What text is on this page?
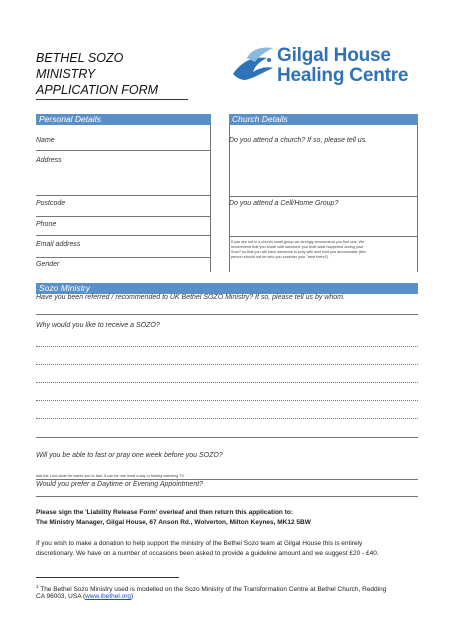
BETHEL SOZO
MINISTRY
APPLICATION FORM
Gilgal House
Healing Centre
Personal Details
Name
Address
Postcode
Phone
Email address
Gender
Church Details
Do you attend a church? If so, please tell us.
Do you attend a Cell/Home Group?
If you are not in a church small group we strongly recommend you find one. We
recommend that you share with someone you trust what happened during your
Sozo¹ so that you will have someone to pray with and hold you accountable (this
person should not be who you consider your "best friend").
Sozo Ministry
Have you been referred / recommended to UK Bethel SOZO Ministry? If so, please tell us by whom.
Why would you like to receive a SOZO?
Will you be able to fast or pray one week before you SOZO?
Ask the Lord what He wants you to fast. It can be one meal a day or fasting watching TV.
Would you prefer a Daytime or Evening Appointment?
Please sign the 'Liability Release Form' overleaf and then return this application to:
The Ministry Manager, Gilgal House, 67 Anson Rd., Wolverton, Milton Keynes, MK12 5BW
If you wish to make a donation to help support the ministry of the Bethel Sozo team at Gilgal House this is entirely
discretionary. We have on a number of occasions been asked to provide a guideline amount and we suggest £20 - £40.
$^1$ The Bethel Sozo Ministry used is modelled on the Sozo Ministry of the Transformation Centre at Bethel Church, Redding
CA 96003, USA (www.ibethel.org)
